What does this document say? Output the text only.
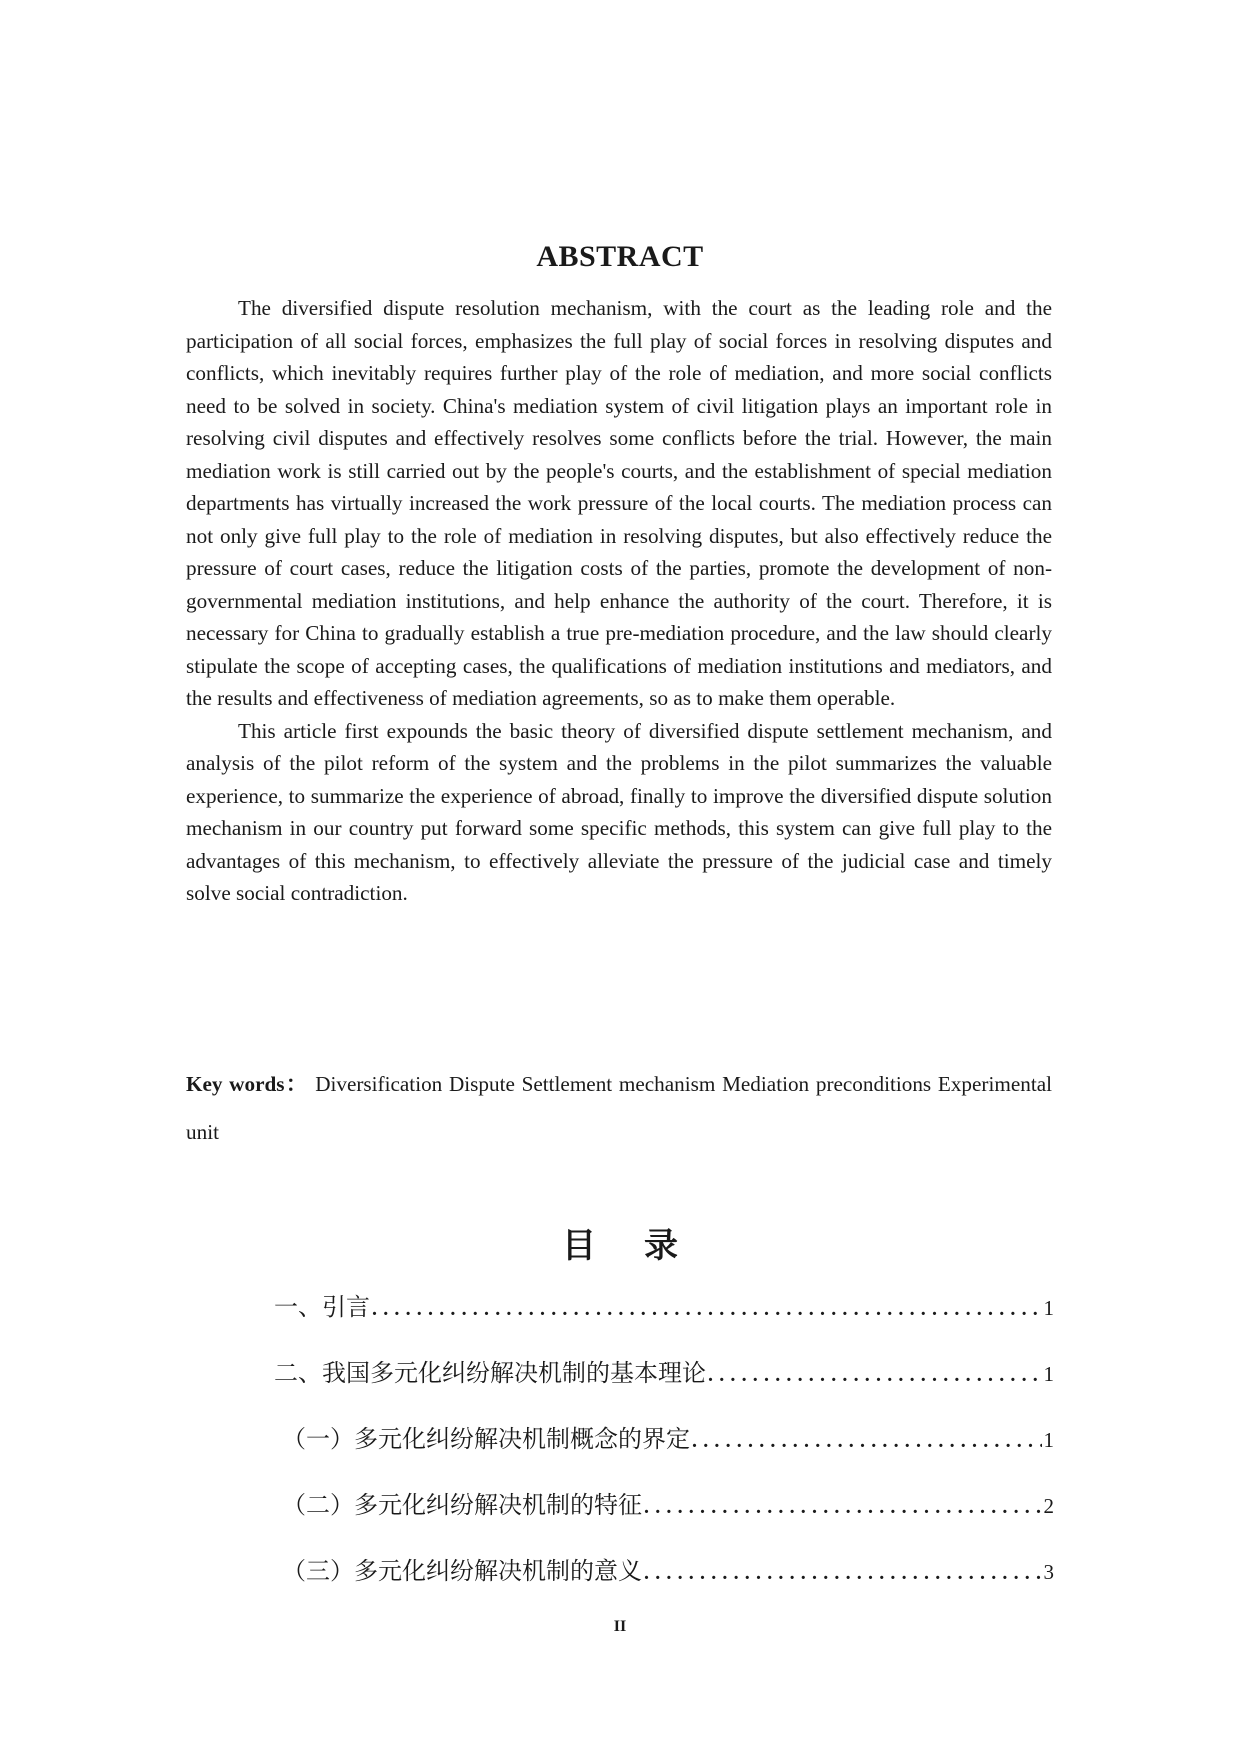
ABSTRACT

The diversified dispute resolution mechanism, with the court as the leading role and the participation of all social forces, emphasizes the full play of social forces in resolving disputes and conflicts, which inevitably requires further play of the role of mediation, and more social conflicts need to be solved in society. China's mediation system of civil litigation plays an important role in resolving civil disputes and effectively resolves some conflicts before the trial. However, the main mediation work is still carried out by the people's courts, and the establishment of special mediation departments has virtually increased the work pressure of the local courts. The mediation process can not only give full play to the role of mediation in resolving disputes, but also effectively reduce the pressure of court cases, reduce the litigation costs of the parties, promote the development of non-governmental mediation institutions, and help enhance the authority of the court. Therefore, it is necessary for China to gradually establish a true pre-mediation procedure, and the law should clearly stipulate the scope of accepting cases, the qualifications of mediation institutions and mediators, and the results and effectiveness of mediation agreements, so as to make them operable.

This article first expounds the basic theory of diversified dispute settlement mechanism, and analysis of the pilot reform of the system and the problems in the pilot summarizes the valuable experience, to summarize the experience of abroad, finally to improve the diversified dispute solution mechanism in our country put forward some specific methods, this system can give full play to the advantages of this mechanism, to effectively alleviate the pressure of the judicial case and timely solve social contradiction.

Key words： Diversification Dispute Settlement mechanism Mediation preconditions Experimental unit
目 录
一、引言 .....	1
二、我国多元化纠纷解决机制的基本理论 .....	1
（一）多元化纠纷解决机制概念的界定 .....	1
（二）多元化纠纷解决机制的特征 .....	2
（三）多元化纠纷解决机制的意义 .....	3
II
